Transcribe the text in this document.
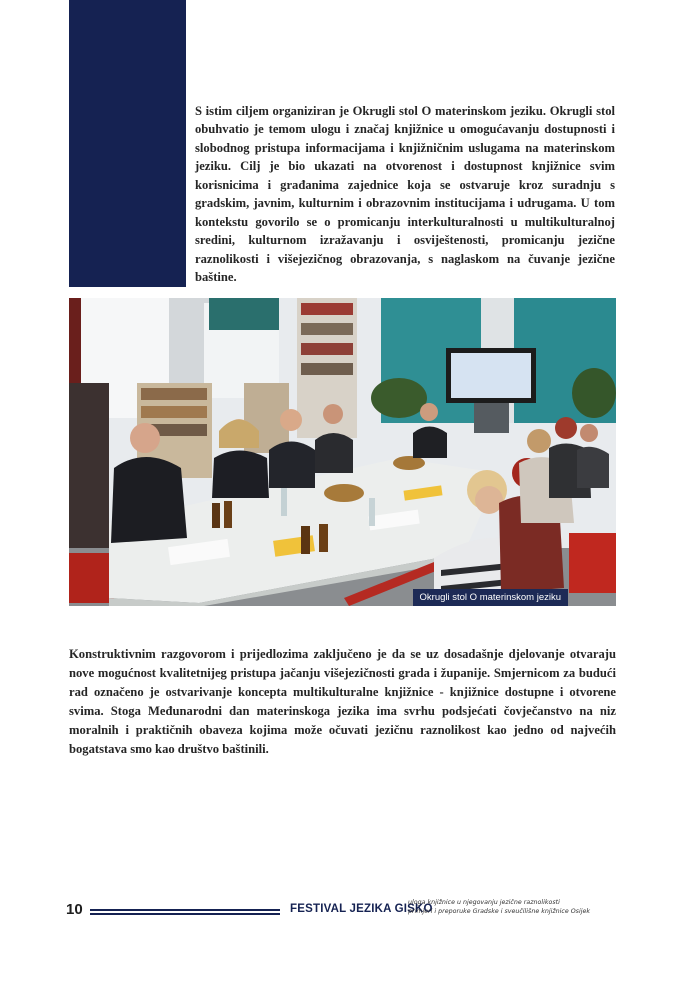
S istim ciljem organiziran je Okrugli stol O materinskom jeziku. Okrugli stol obuhvatio je temom ulogu i značaj knjižnice u omogućavanju dostupnosti i slobodnog pristupa informacijama i knjižničnim uslugama na materinskom jeziku. Cilj je bio ukazati na otvorenost i dostupnost knjižnice svim korisnicima i građanima zajednice koja se ostvaruje kroz suradnju s gradskim, javnim, kulturnim i obrazovnim institucijama i udrugama. U tom kontekstu govorilo se o promicanju interkulturalnosti u multikulturalnoj sredini, kulturnom izražavanju i osviještenosti, promicanju jezične raznolikosti i višejezičnog obrazovanja, s naglaskom na čuvanje jezične baštine.

Okrugli stol O materinskom jeziku

Konstruktivnim razgovorom i prijedlozima zaključeno je da se uz dosadašnje djelovanje otvaraju nove mogućnost kvalitetnijeg pristupa jačanju višejezičnosti grada i županije. Smjernicom za budući rad označeno je ostvarivanje koncepta multikulturalne knjižnice - knjižnice dostupne i otvorene svima. Stoga Međunarodni dan materinskoga jezika ima svrhu podsjećati čovječanstvo na niz moralnih i praktičnih obaveza kojima može očuvati jezičnu raznolikost kao jedno od najvećih bogatstava smo kao društvo baštinili.

10	FESTIVAL JEZIKA GISKO
uloga knjižnice u njegovanju jezične raznolikosti
primjeri i preporuke Gradske i sveučilišne knjižnice Osijek
